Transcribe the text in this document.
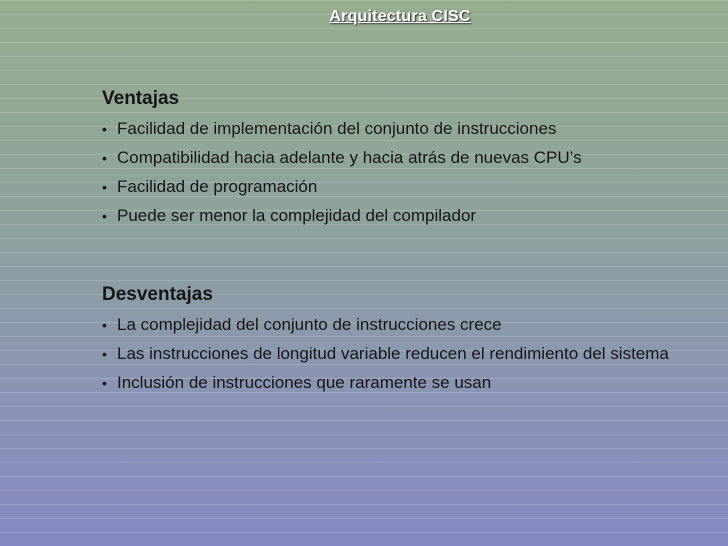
Arquitectura CISC

Ventajas

• Facilidad de implementación del conjunto de instrucciones
• Compatibilidad hacia adelante y hacia atrás de nuevas CPU’s
• Facilidad de programación
• Puede ser menor la complejidad del compilador

Desventajas

• La complejidad del conjunto de instrucciones crece
• Las instrucciones de longitud variable reducen el rendimiento del sistema
• Inclusión de instrucciones que raramente se usan
